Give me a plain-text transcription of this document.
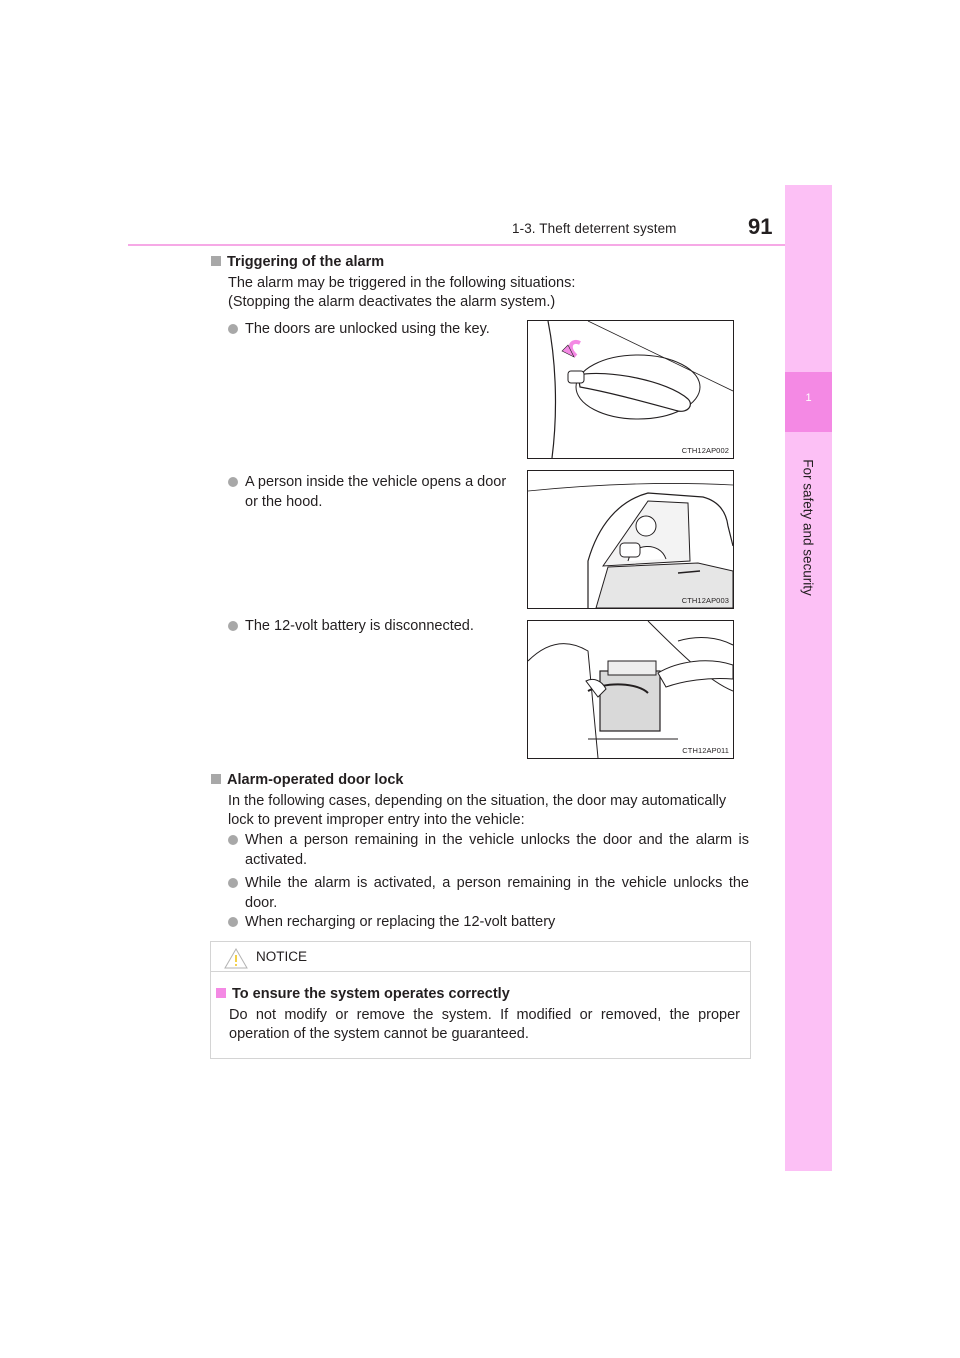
1-3. Theft deterrent system	91
1
For safety and security
Triggering of the alarm
The alarm may be triggered in the following situations:
(Stopping the alarm deactivates the alarm system.)
The doors are unlocked using the key.
A person inside the vehicle opens a door or the hood.
The 12-volt battery is disconnected.
CTH12AP002
CTH12AP003
CTH12AP011
Alarm-operated door lock
In the following cases, depending on the situation, the door may automatically lock to prevent improper entry into the vehicle:
When a person remaining in the vehicle unlocks the door and the alarm is activated.
While the alarm is activated, a person remaining in the vehicle unlocks the door.
When recharging or replacing the 12-volt battery
NOTICE
To ensure the system operates correctly
Do not modify or remove the system. If modified or removed, the proper operation of the system cannot be guaranteed.
